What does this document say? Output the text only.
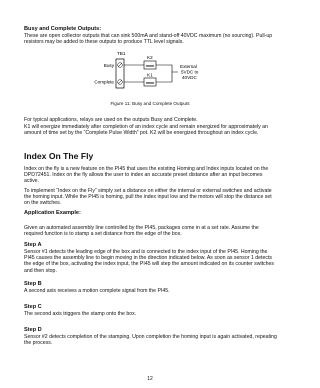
Busy and Complete Outputs:

These are open collector outputs that can sink 500mA and stand-off 40VDC maximum (no sourcing). Pull-up resistors may be added to these outputs to produce TTL level signals.

TB1
Busy
Complete
K2
K1
External
5VDC to
40VDC
Figure 11: Busy and Complete Outputs

For typical applications, relays are used on the outputs Busy and Complete.

K1 will energize immediately after completion of an index cycle and remain energized for approximately an amount of time set by the “Complete Pulse Width” pot. K2 will be energized throughout an index cycle.

Index On The Fly

Index on the fly is a new feature on the PI45 that uses the existing Homing and Index inputs located on the DPD72451. Index on the fly allows the user to index an accurate preset distance after an input becomes active.

To implement “Index on the Fly” simply set a distance on either the internal or external switches and activate the homing input. While the PI45 is homing, pull the index input low and the motors will stop the distance set on the switches.

Application Example:

Given an automated assembly line controlled by the PI45, packages come in at a set rate. Assume the required function is to stamp a set distance from the edge of the box.

Step A

Sensor #1 detects the leading edge of the box and is connected to the index input of the PI45. Homing the PI45 causes the assembly line to begin moving in the direction indicated below. As soon as sensor 1 detects the edge of the box, activating the index input, the PI45 will step the amount indicated on its counter switches and then stop.

Step B

A second axis receives a motion complete signal from the PI45.

Step C

The second axis triggers the stamp onto the box.

Step D

Sensor #2 detects completion of the stamping. Upon completion the homing input is again activated, repeating the process.

12
